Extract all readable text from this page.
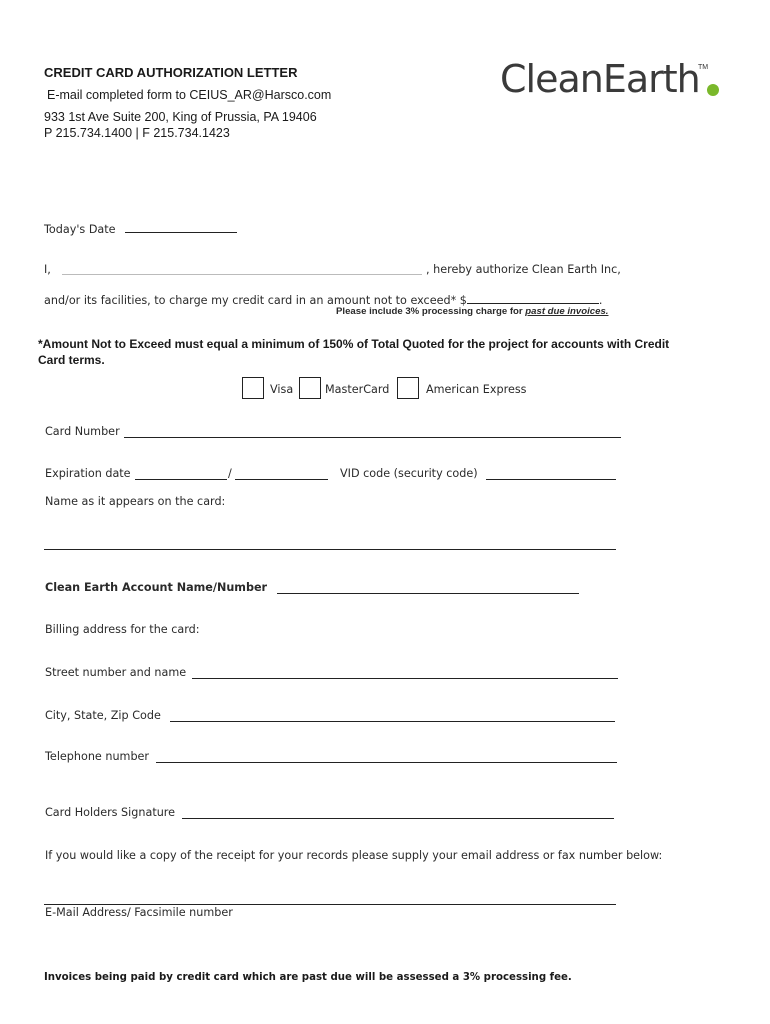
CREDIT CARD AUTHORIZATION LETTER
E-mail completed form to CEIUS_AR@Harsco.com
933 1st Ave Suite 200, King of Prussia, PA 19406
P 215.734.1400 | F 215.734.1423
CleanEarth
TM
Today's Date
I,	, hereby authorize Clean Earth Inc,
and/or its facilities, to charge my credit card in an amount not to exceed* $	.
Please include 3% processing charge for past due invoices.
*Amount Not to Exceed must equal a minimum of 150% of Total Quoted for the project for accounts with Credit Card terms.
Visa	MasterCard	American Express
Card Number
Expiration date	/	VID code (security code)
Name as it appears on the card:
Clean Earth Account Name/Number
Billing address for the card:
Street number and name
City, State, Zip Code
Telephone number
Card Holders Signature
If you would like a copy of the receipt for your records please supply your email address or fax number below:
E-Mail Address/ Facsimile number
Invoices being paid by credit card which are past due will be assessed a 3% processing fee.
